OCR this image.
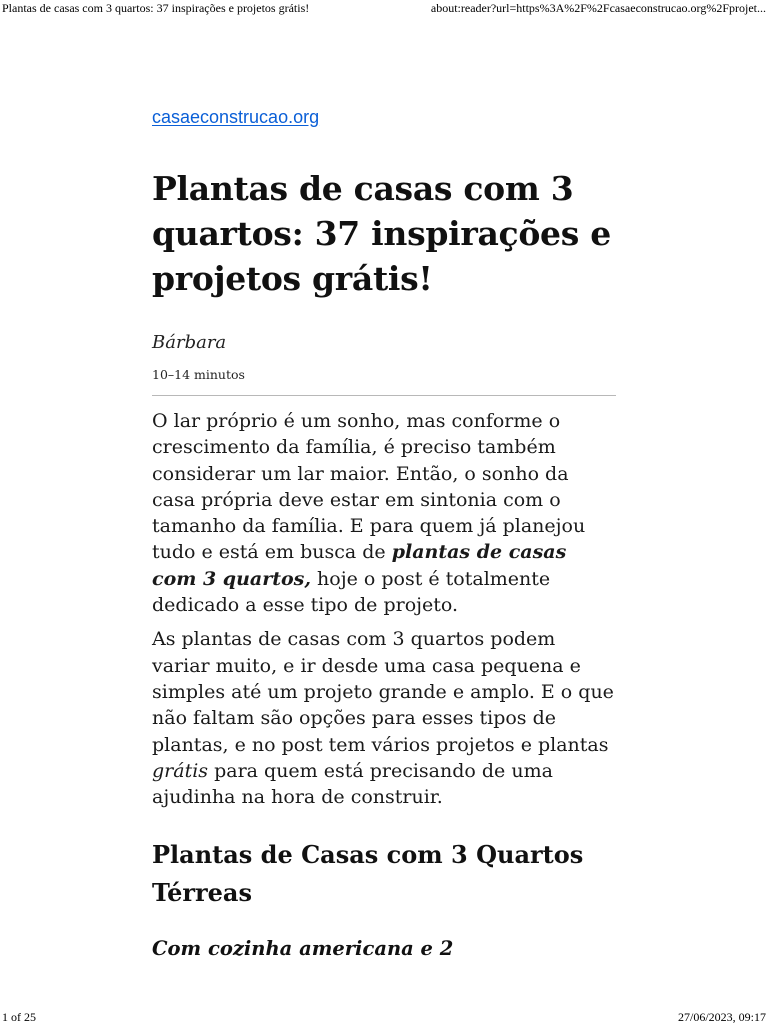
Plantas de casas com 3 quartos: 37 inspirações e projetos grátis!	about:reader?url=https%3A%2F%2Fcasaeconstrucao.org%2Fprojet...
casaeconstrucao.org
Plantas de casas com 3 quartos: 37 inspirações e projetos grátis!
Bárbara
10–14 minutos

O lar próprio é um sonho, mas conforme o crescimento da família, é preciso também considerar um lar maior. Então, o sonho da casa própria deve estar em sintonia com o tamanho da família. E para quem já planejou tudo e está em busca de plantas de casas com 3 quartos, hoje o post é totalmente dedicado a esse tipo de projeto.

As plantas de casas com 3 quartos podem variar muito, e ir desde uma casa pequena e simples até um projeto grande e amplo. E o que não faltam são opções para esses tipos de plantas, e no post tem vários projetos e plantas grátis para quem está precisando de uma ajudinha na hora de construir.

Plantas de Casas com 3 Quartos Térreas
Com cozinha americana e 2
1 of 25	27/06/2023, 09:17
